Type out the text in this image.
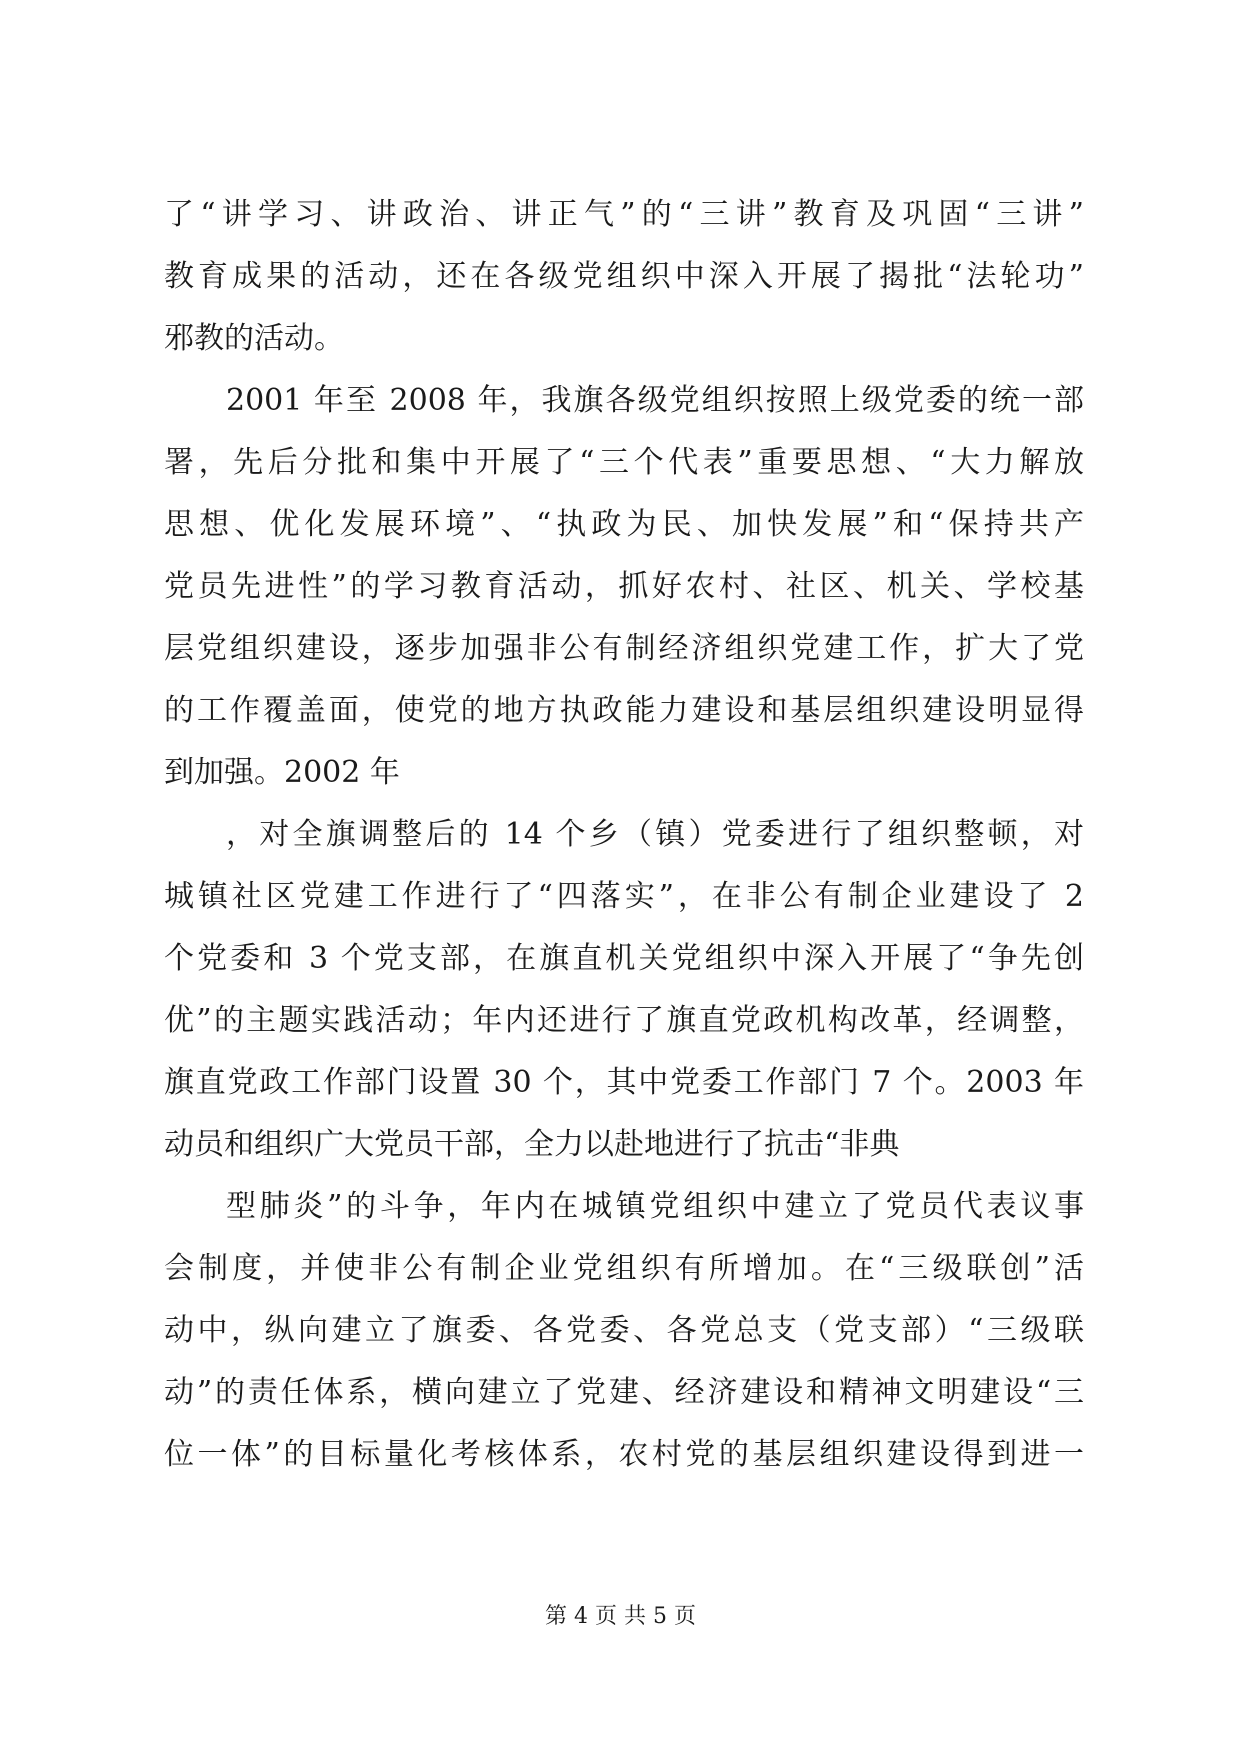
了“讲学习、讲政治、讲正气”的“三讲”教育及巩固“三讲”
教育成果的活动，还在各级党组织中深入开展了揭批“法轮功”
邪教的活动。
2001 年至 2008 年，我旗各级党组织按照上级党委的统一部
署，先后分批和集中开展了“三个代表”重要思想、“大力解放
思想、优化发展环境”、“执政为民、加快发展”和“保持共产
党员先进性”的学习教育活动，抓好农村、社区、机关、学校基
层党组织建设，逐步加强非公有制经济组织党建工作，扩大了党
的工作覆盖面，使党的地方执政能力建设和基层组织建设明显得
到加强。2002 年
，对全旗调整后的 14 个乡（镇）党委进行了组织整顿，对
城镇社区党建工作进行了“四落实”，在非公有制企业建设了 2
个党委和 3 个党支部，在旗直机关党组织中深入开展了“争先创
优”的主题实践活动；年内还进行了旗直党政机构改革，经调整，
旗直党政工作部门设置 30 个，其中党委工作部门 7 个。2003 年
动员和组织广大党员干部，全力以赴地进行了抗击“非典
型肺炎”的斗争，年内在城镇党组织中建立了党员代表议事
会制度，并使非公有制企业党组织有所增加。在“三级联创”活
动中，纵向建立了旗委、各党委、各党总支（党支部）“三级联
动”的责任体系，横向建立了党建、经济建设和精神文明建设“三
位一体”的目标量化考核体系，农村党的基层组织建设得到进一
第 4 页 共 5 页
